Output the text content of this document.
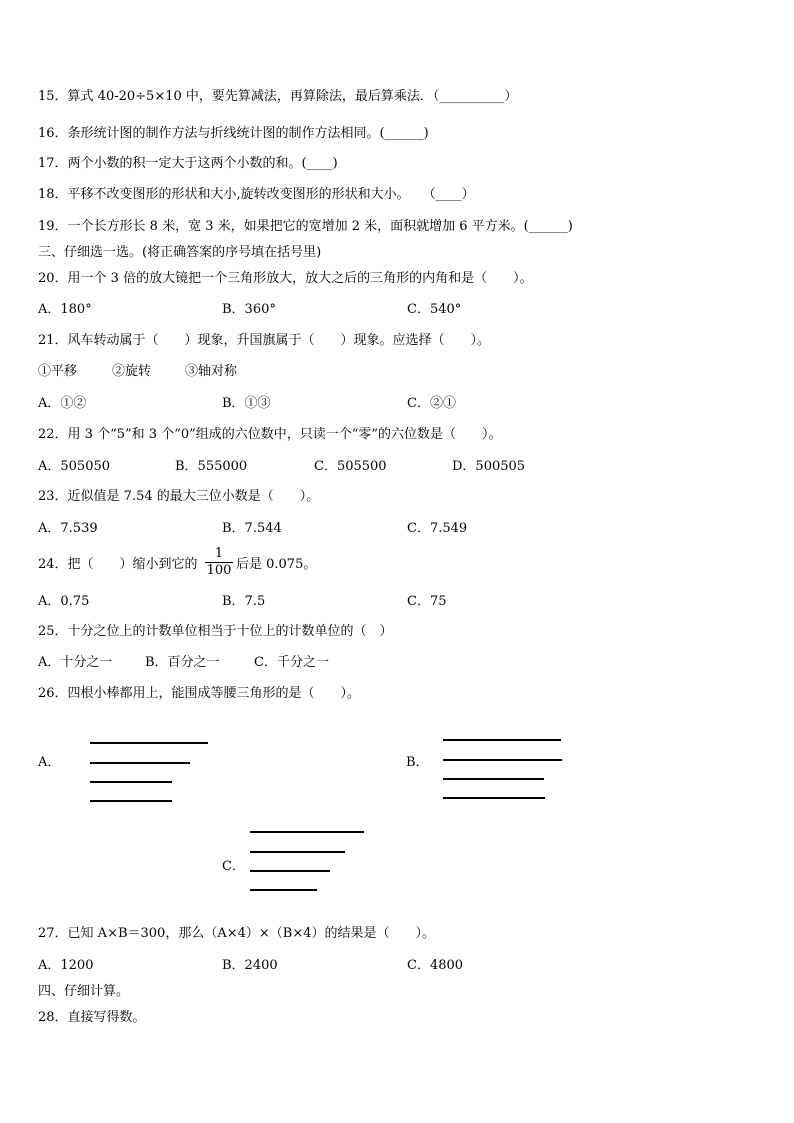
15．算式 40-20÷5×10 中，要先算减法，再算除法，最后算乘法．（__________）
16．条形统计图的制作方法与折线统计图的制作方法相同。(______)
17．两个小数的积一定大于这两个小数的和。(____)
18．平移不改变图形的形状和大小,旋转改变图形的形状和大小。　　（____）
19．一个长方形长 8 米，宽 3 米，如果把它的宽增加 2 米，面积就增加 6 平方米。(______)
三、仔细选一选。(将正确答案的序号填在括号里)
20．用一个 3 倍的放大镜把一个三角形放大，放大之后的三角形的内角和是（　　）。
A．180°	B．360°	C．540°
21．风车转动属于（　　）现象，升国旗属于（　　）现象。应选择（　　）。
①平移	②旋转	③轴对称
A．①②	B．①③	C．②①
22．用 3 个“5”和 3 个“0”组成的六位数中，只读一个“零”的六位数是（　　）。
A．505050	B．555000	C．505500	D．500505
23．近似值是 7.54 的最大三位小数是（　　）。
A．7.539	B．7.544	C．7.549
24．把（　　）缩小到它的
1
100 后是 0.075。
A．0.75	B．7.5	C．75
25．十分之位上的计数单位相当于十位上的计数单位的（　）
A．十分之一	B．百分之一	C．千分之一
26．四根小棒都用上，能围成等腰三角形的是（　　）。
A．	B．
C．
27．已知 A×B＝300，那么（A×4）×（B×4）的结果是（　　）。
A．1200	B．2400	C．4800
四、仔细计算。
28．直接写得数。
